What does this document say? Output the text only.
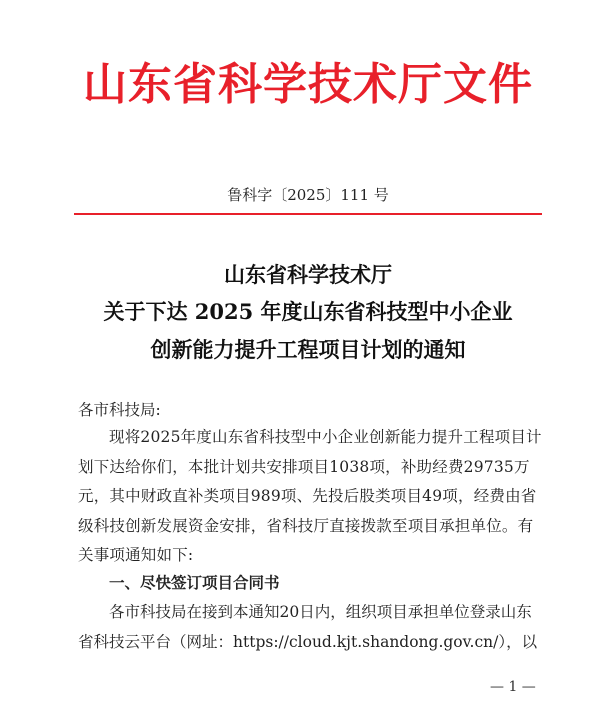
山东省科学技术厅文件
鲁科字〔2025〕111 号
山东省科学技术厅
关于下达 2025 年度山东省科技型中小企业
创新能力提升工程项目计划的通知
各市科技局:
现将2025年度山东省科技型中小企业创新能力提升工程项目计划下达给你们，本批计划共安排项目1038项，补助经费29735万元，其中财政直补类项目989项、先投后股类项目49项，经费由省级科技创新发展资金安排，省科技厅直接拨款至项目承担单位。有关事项通知如下:
一、尽快签订项目合同书
各市科技局在接到本通知20日内，组织项目承担单位登录山东省科技云平台（网址：https://cloud.kjt.shandong.gov.cn/），以
— 1 —
